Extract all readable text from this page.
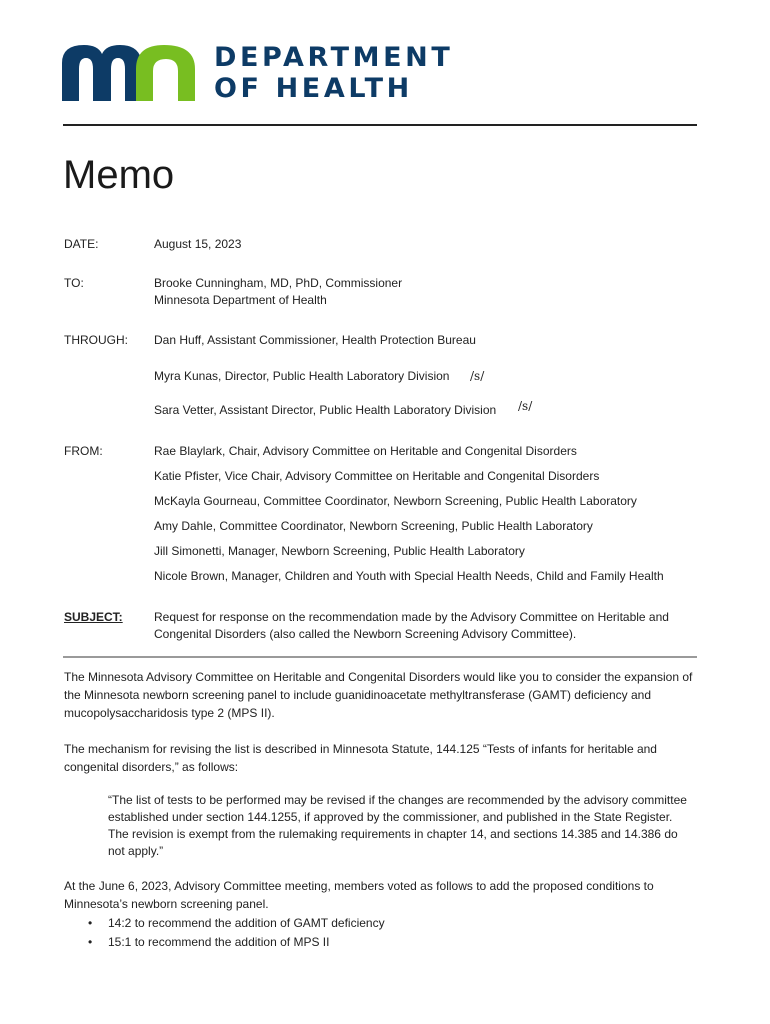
DEPARTMENT
OF HEALTH
Memo
DATE:	August 15, 2023
TO:	Brooke Cunningham, MD, PhD, Commissioner
Minnesota Department of Health
THROUGH: Dan Huff, Assistant Commissioner, Health Protection Bureau
Myra Kunas, Director, Public Health Laboratory Division /s/
Sara Vetter, Assistant Director, Public Health Laboratory Division /s/
FROM:	Rae Blaylark, Chair, Advisory Committee on Heritable and Congenital Disorders
Katie Pfister, Vice Chair, Advisory Committee on Heritable and Congenital Disorders
McKayla Gourneau, Committee Coordinator, Newborn Screening, Public Health Laboratory
Amy Dahle, Committee Coordinator, Newborn Screening, Public Health Laboratory
Jill Simonetti, Manager, Newborn Screening, Public Health Laboratory
Nicole Brown, Manager, Children and Youth with Special Health Needs, Child and Family Health
SUBJECT:	Request for response on the recommendation made by the Advisory Committee on Heritable and
Congenital Disorders (also called the Newborn Screening Advisory Committee).

The Minnesota Advisory Committee on Heritable and Congenital Disorders would like you to consider the expansion of the Minnesota newborn screening panel to include guanidinoacetate methyltransferase (GAMT) deficiency and mucopolysaccharidosis type 2 (MPS II).

The mechanism for revising the list is described in Minnesota Statute, 144.125 “Tests of infants for heritable and congenital disorders,” as follows:

“The list of tests to be performed may be revised if the changes are recommended by the advisory committee established under section 144.1255, if approved by the commissioner, and published in the State Register. The revision is exempt from the rulemaking requirements in chapter 14, and sections 14.385 and 14.386 do not apply.”

At the June 6, 2023, Advisory Committee meeting, members voted as follows to add the proposed conditions to Minnesota’s newborn screening panel.

• 14:2 to recommend the addition of GAMT deficiency
• 15:1 to recommend the addition of MPS II
